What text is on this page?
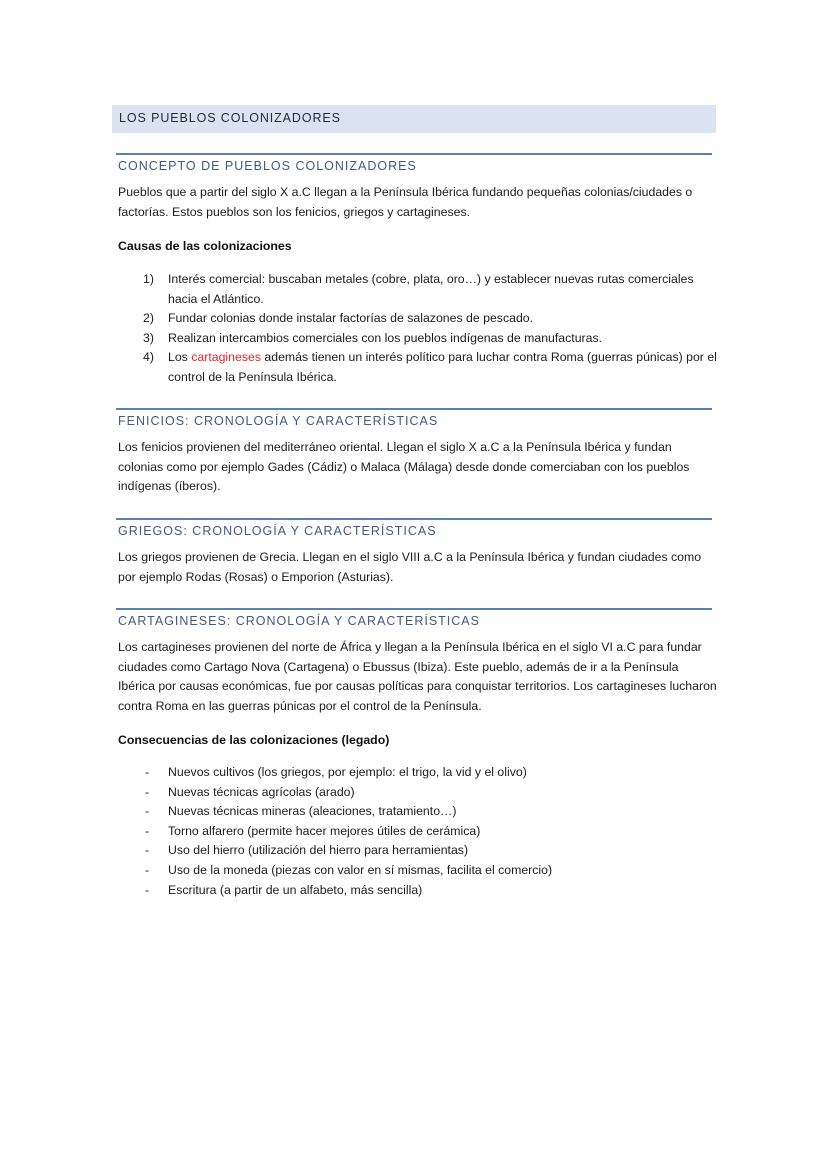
LOS PUEBLOS COLONIZADORES
CONCEPTO DE PUEBLOS COLONIZADORES
Pueblos que a partir del siglo X a.C llegan a la Península Ibérica fundando pequeñas colonias/ciudades o factorías. Estos pueblos son los fenicios, griegos y cartagineses.
Causas de las colonizaciones
1) Interés comercial: buscaban metales (cobre, plata, oro…) y establecer nuevas rutas comerciales hacia el Atlántico.
2) Fundar colonias donde instalar factorías de salazones de pescado.
3) Realizan intercambios comerciales con los pueblos indígenas de manufacturas.
4) Los cartagineses además tienen un interés político para luchar contra Roma (guerras púnicas) por el control de la Península Ibérica.
FENICIOS: CRONOLOGÍA Y CARACTERÍSTICAS
Los fenicios provienen del mediterráneo oriental. Llegan el siglo X a.C a la Península Ibérica y fundan colonias como por ejemplo Gades (Cádiz) o Malaca (Málaga) desde donde comerciaban con los pueblos indígenas (íberos).
GRIEGOS: CRONOLOGÍA Y CARACTERÍSTICAS
Los griegos provienen de Grecia. Llegan en el siglo VIII a.C a la Península Ibérica y fundan ciudades como por ejemplo Rodas (Rosas) o Emporion (Asturias).
CARTAGINESES: CRONOLOGÍA Y CARACTERÍSTICAS
Los cartagineses provienen del norte de África y llegan a la Península Ibérica en el siglo VI a.C para fundar ciudades como Cartago Nova (Cartagena) o Ebussus (Ibiza). Este pueblo, además de ir a la Península Ibérica por causas económicas, fue por causas políticas para conquistar territorios. Los cartagineses lucharon contra Roma en las guerras púnicas por el control de la Península.
Consecuencias de las colonizaciones (legado)
- Nuevos cultivos (los griegos, por ejemplo: el trigo, la vid y el olivo)
- Nuevas técnicas agrícolas (arado)
- Nuevas técnicas mineras (aleaciones, tratamiento…)
- Torno alfarero (permite hacer mejores útiles de cerámica)
- Uso del hierro (utilización del hierro para herramientas)
- Uso de la moneda (piezas con valor en sí mismas, facilita el comercio)
- Escritura (a partir de un alfabeto, más sencilla)
